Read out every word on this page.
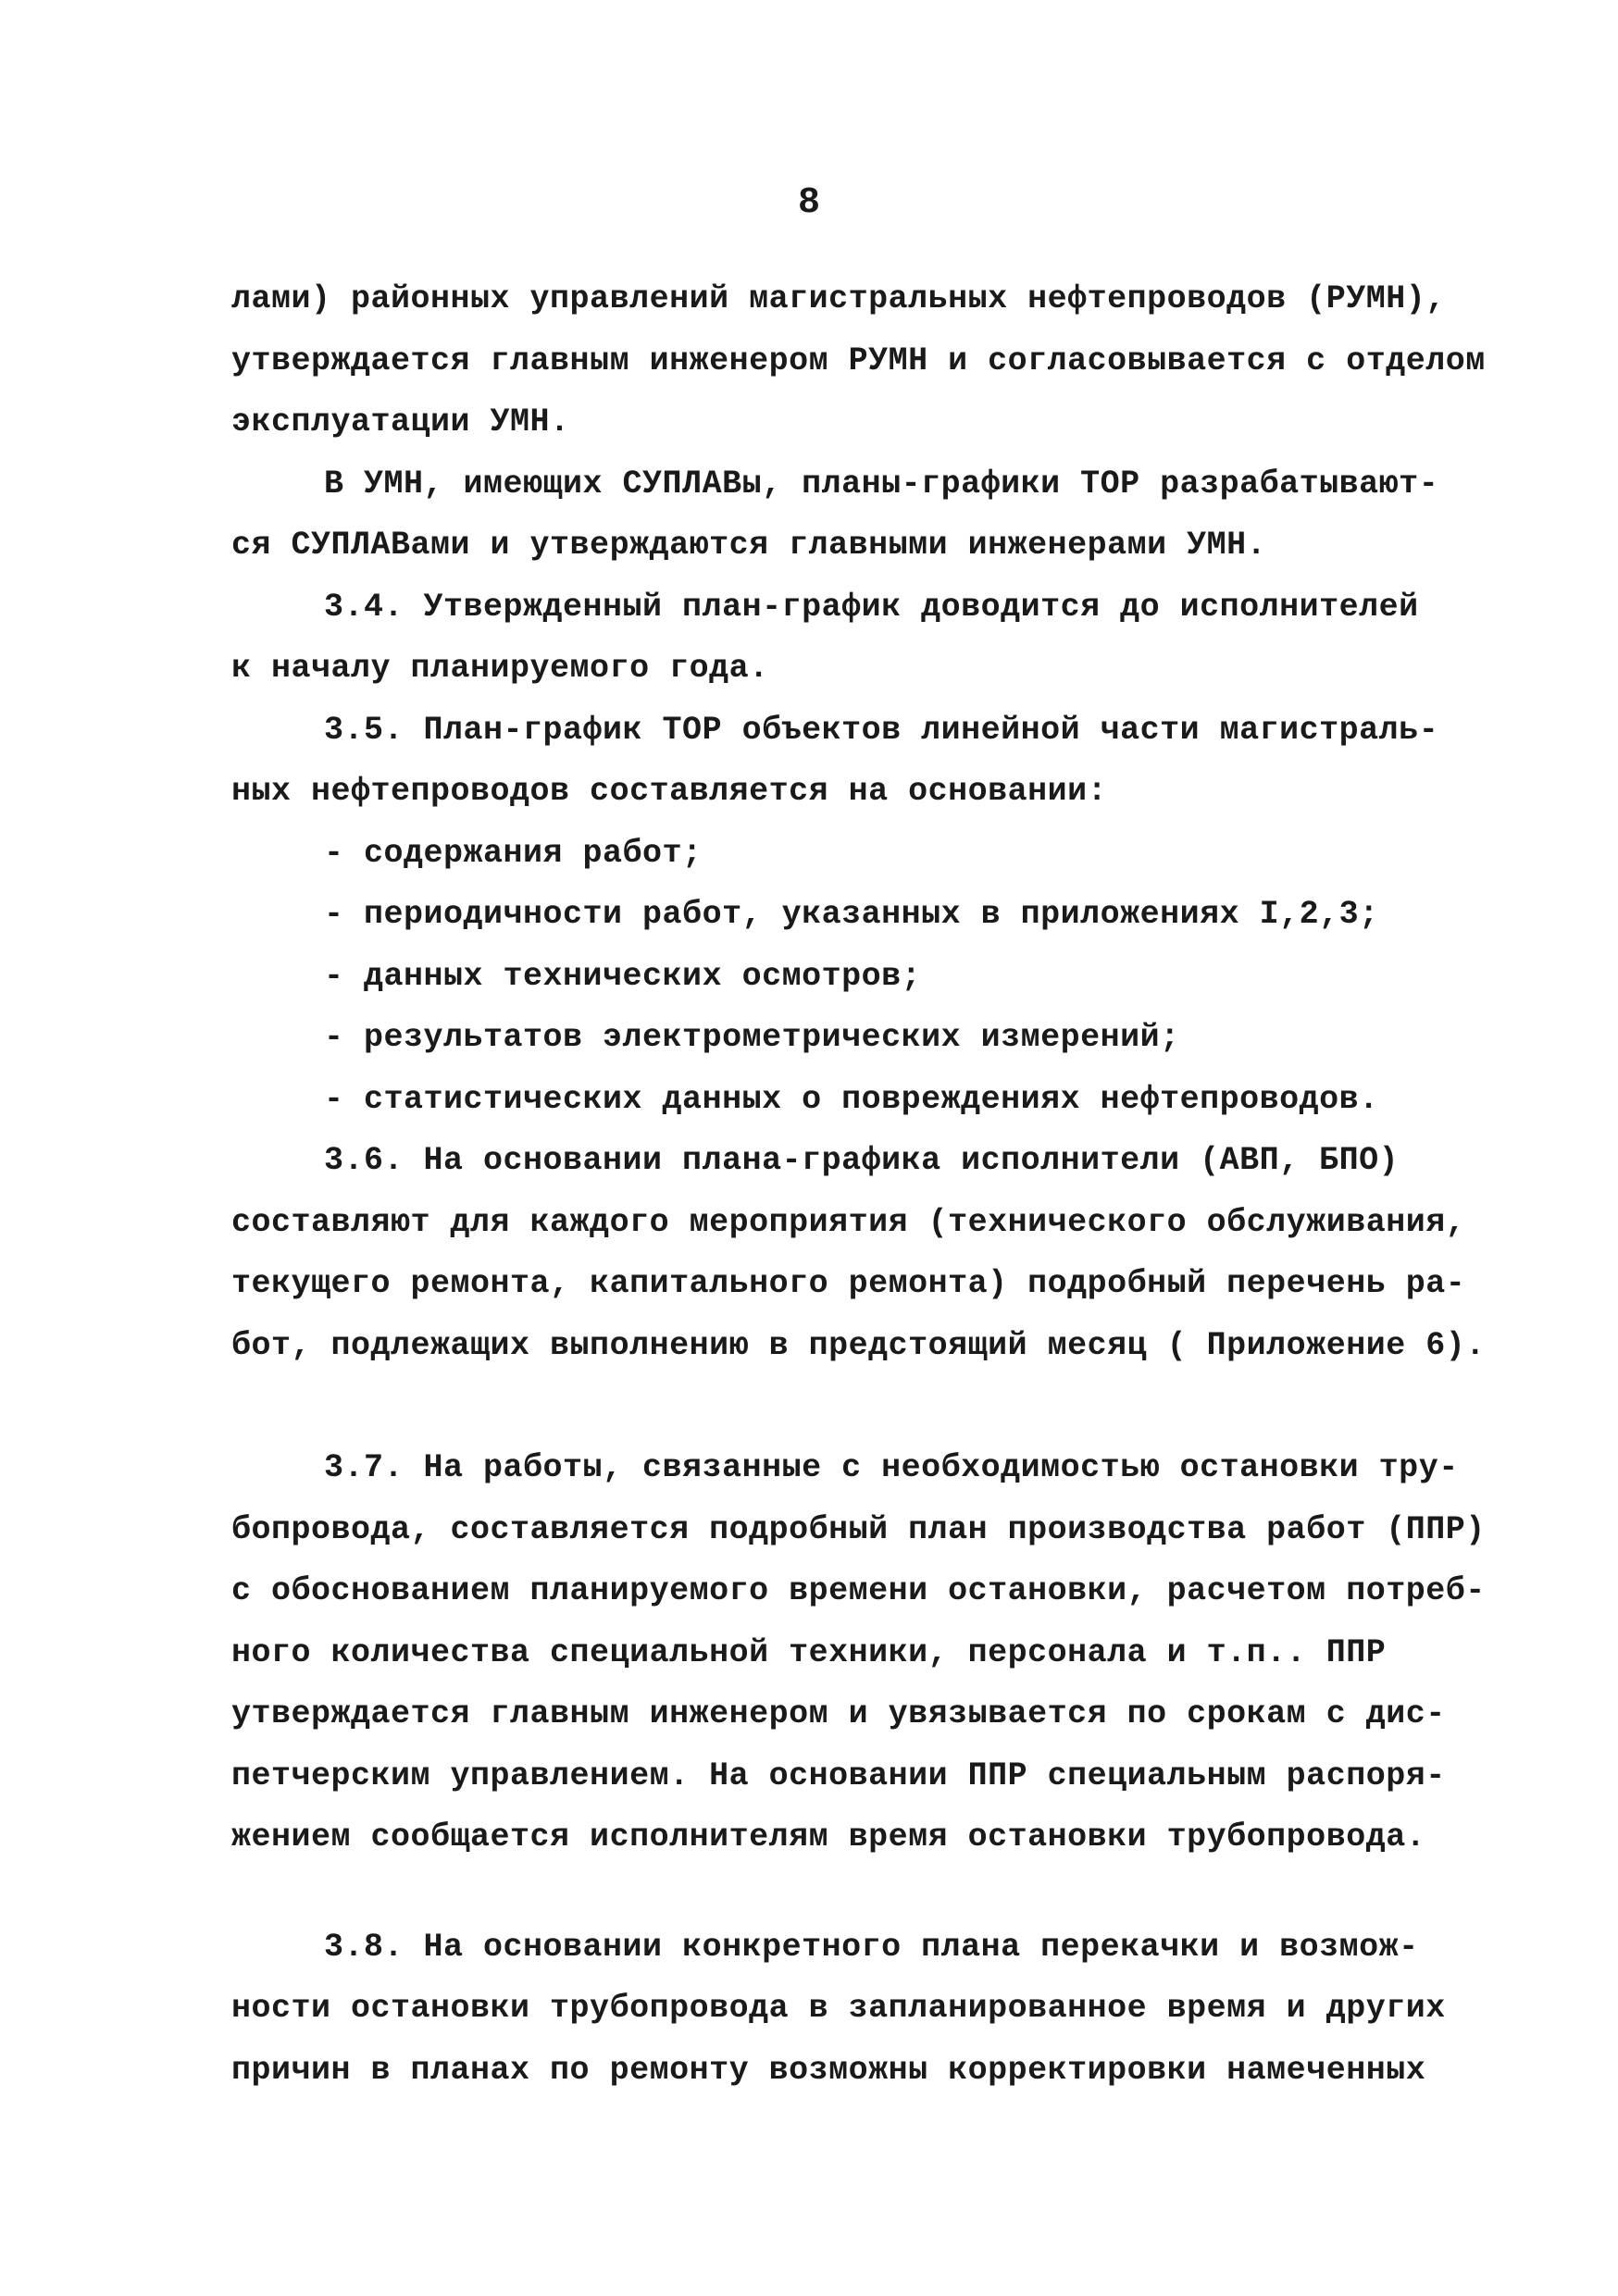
8
лами) районных управлений магистральных нефтепроводов (РУМН),
утверждается главным инженером РУМН и согласовывается с отделом
эксплуатации УМН.
В УМН, имеющих СУПЛАВы, планы-графики ТОР разрабатывают-
ся СУПЛАВами и утверждаются главными инженерами УМН.
3.4. Утвержденный план-график доводится до исполнителей
к началу планируемого года.
3.5. План-график ТОР объектов линейной части магистраль-
ных нефтепроводов составляется на основании:
- содержания работ;
- периодичности работ, указанных в приложениях I,2,3;
- данных технических осмотров;
- результатов электрометрических измерений;
- статистических данных о повреждениях нефтепроводов.
3.6. На основании плана-графика исполнители (АВП, БПО)
составляют для каждого мероприятия (технического обслуживания,
текущего ремонта, капитального ремонта) подробный перечень ра-
бот, подлежащих выполнению в предстоящий месяц ( Приложение 6).
3.7. На работы, связанные с необходимостью остановки тру-
бопровода, составляется подробный план производства работ (ППР)
с обоснованием планируемого времени остановки, расчетом потреб-
ного количества специальной техники, персонала и т.п.. ППР
утверждается главным инженером и увязывается по срокам с дис-
петчерским управлением. На основании ППР специальным распоря-
жением сообщается исполнителям время остановки трубопровода.
3.8. На основании конкретного плана перекачки и возмож-
ности остановки трубопровода в запланированное время и других
причин в планах по ремонту возможны корректировки намеченных
